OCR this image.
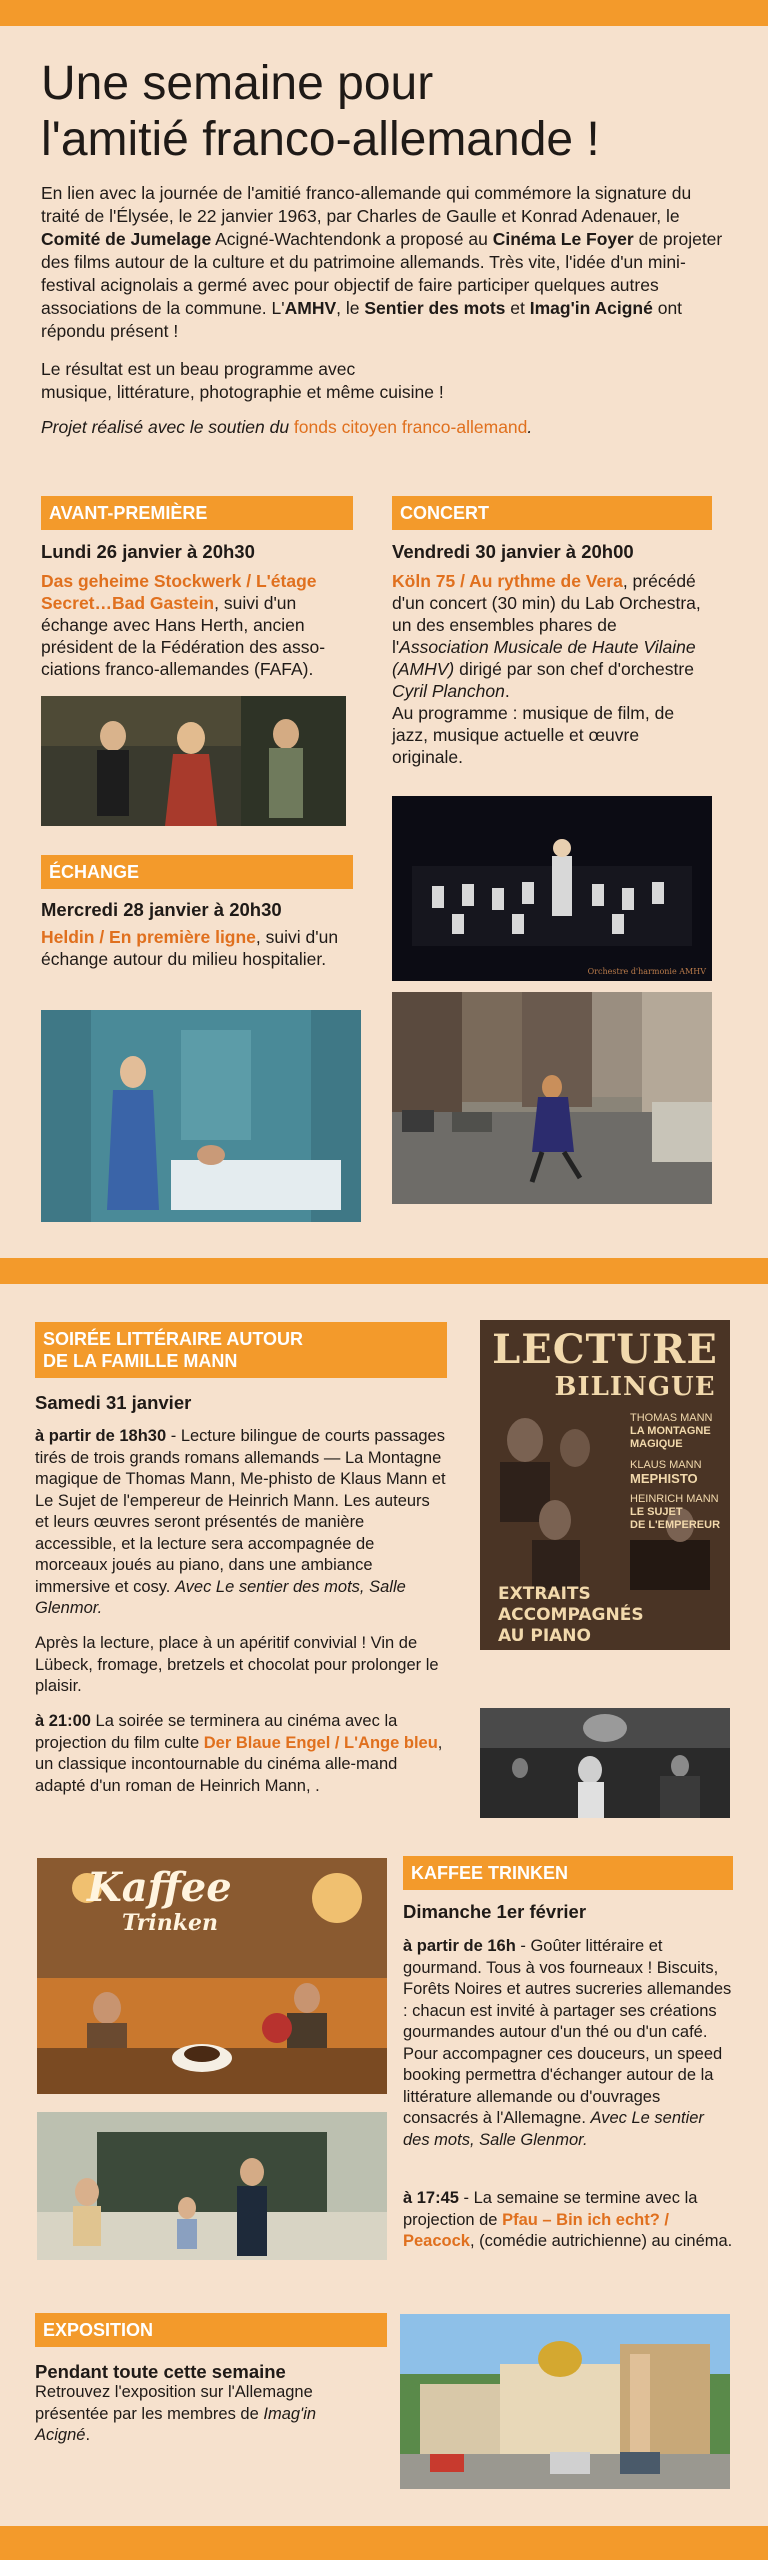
Une semaine pour
l'amitié franco-allemande !

En lien avec la journée de l'amitié franco-allemande qui commémore la signature du traité de l'Élysée, le 22 janvier 1963, par Charles de Gaulle et Konrad Adenauer, le Comité de Jumelage Acigné-Wachtendonk a proposé au Cinéma Le Foyer de projeter des films autour de la culture et du patrimoine allemands. Très vite, l'idée d'un mini-festival acignolais a germé avec pour objectif de faire participer quelques autres associations de la commune. L'AMHV, le Sentier des mots et Imag'in Acigné ont répondu présent !

Le résultat est un beau programme avec
musique, littérature, photographie et même cuisine !

Projet réalisé avec le soutien du fonds citoyen franco-allemand.

AVANT-PREMIÈRE
Lundi 26 janvier à 20h30

Das geheime Stockwerk / L'étage Secret…Bad Gastein, suivi d'un échange avec Hans Herth, ancien président de la Fédération des asso-ciations franco-allemandes (FAFA).

CONCERT
Vendredi 30 janvier à 20h00

Köln 75 / Au rythme de Vera, précédé d'un concert (30 min) du Lab Orchestra, un des ensembles phares de l'Association Musicale de Haute Vilaine (AMHV) dirigé par son chef d'orchestre Cyril Planchon.
Au programme : musique de film, de jazz, musique actuelle et œuvre originale.

Orchestre d'harmonie AMHV
ÉCHANGE
Mercredi 28 janvier à 20h30

Heldin / En première ligne, suivi d'un échange autour du milieu hospitalier.

SOIRÉE LITTÉRAIRE AUTOUR
DE LA FAMILLE MANN
Samedi 31 janvier

à partir de 18h30 - Lecture bilingue de courts passages tirés de trois grands romans allemands — La Montagne magique de Thomas Mann, Me-phisto de Klaus Mann et Le Sujet de l'empereur de Heinrich Mann. Les auteurs et leurs œuvres seront présentés de manière accessible, et la lecture sera accompagnée de morceaux joués au piano, dans une ambiance immersive et cosy. Avec Le sentier des mots, Salle Glenmor.

Après la lecture, place à un apéritif convivial ! Vin de Lübeck, fromage, bretzels et chocolat pour prolonger le plaisir.

à 21:00 La soirée se terminera au cinéma avec la projection du film culte Der Blaue Engel / L'Ange bleu, un classique incontournable du cinéma alle-mand adapté d'un roman de Heinrich Mann, .

LECTURE
BILINGUE
THOMAS MANN
LA MONTAGNE MAGIQUE
KLAUS MANN
MEPHISTO
HEINRICH MANN
LE SUJET
DE L'EMPEREUR
EXTRAITS
ACCOMPAGNÉS
AU PIANO
Kaffee
Trinken
KAFFEE TRINKEN
Dimanche 1er février

à partir de 16h - Goûter littéraire et gourmand. Tous à vos fourneaux ! Biscuits, Forêts Noires et autres sucreries allemandes : chacun est invité à partager ses créations gourmandes autour d'un thé ou d'un café. Pour accompagner ces douceurs, un speed booking permettra d'échanger autour de la littérature allemande ou d'ouvrages consacrés à l'Allemagne. Avec Le sentier des mots, Salle Glenmor.

à 17:45 - La semaine se termine avec la projection de Pfau – Bin ich echt? / Peacock, (comédie autrichienne) au cinéma.

EXPOSITION
Pendant toute cette semaine

Retrouvez l'exposition sur l'Allemagne présentée par les membres de Imag'in Acigné.
